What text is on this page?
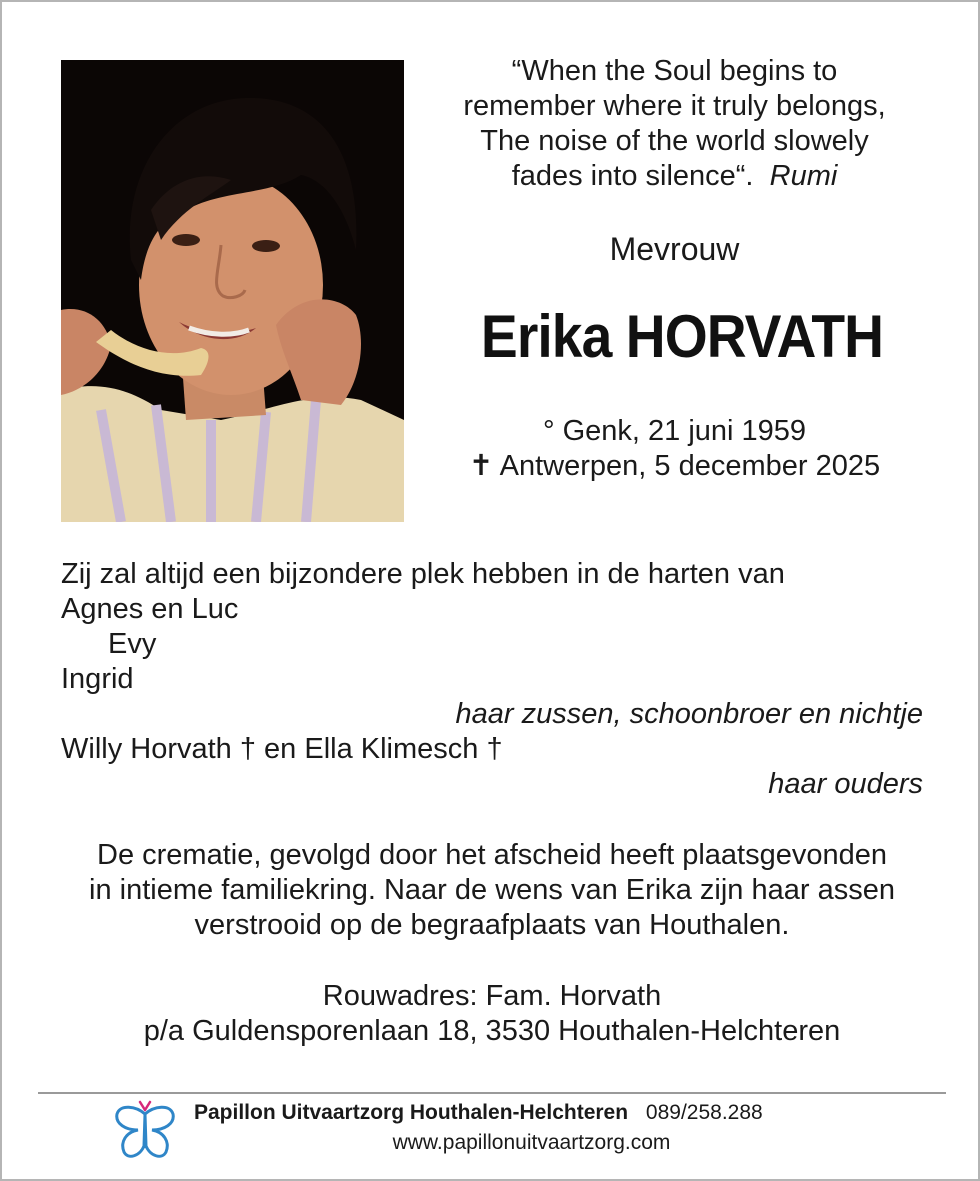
“When the Soul begins to
remember where it truly belongs,
The noise of the world slowely
fades into silence“. Rumi
Mevrouw
Erika HORVATH
° Genk, 21 juni 1959
✝ Antwerpen, 5 december 2025
Zij zal altijd een bijzondere plek hebben in de harten van
Agnes en Luc
Evy
Ingrid
haar zussen, schoonbroer en nichtje
Willy Horvath † en Ella Klimesch †
haar ouders
De crematie, gevolgd door het afscheid heeft plaatsgevonden
in intieme familiekring. Naar de wens van Erika zijn haar assen
verstrooid op de begraafplaats van Houthalen.
Rouwadres: Fam. Horvath
p/a Guldensporenlaan 18, 3530 Houthalen-Helchteren
Papillon Uitvaartzorg Houthalen-Helchteren 089/258.288
www.papillonuitvaartzorg.com
